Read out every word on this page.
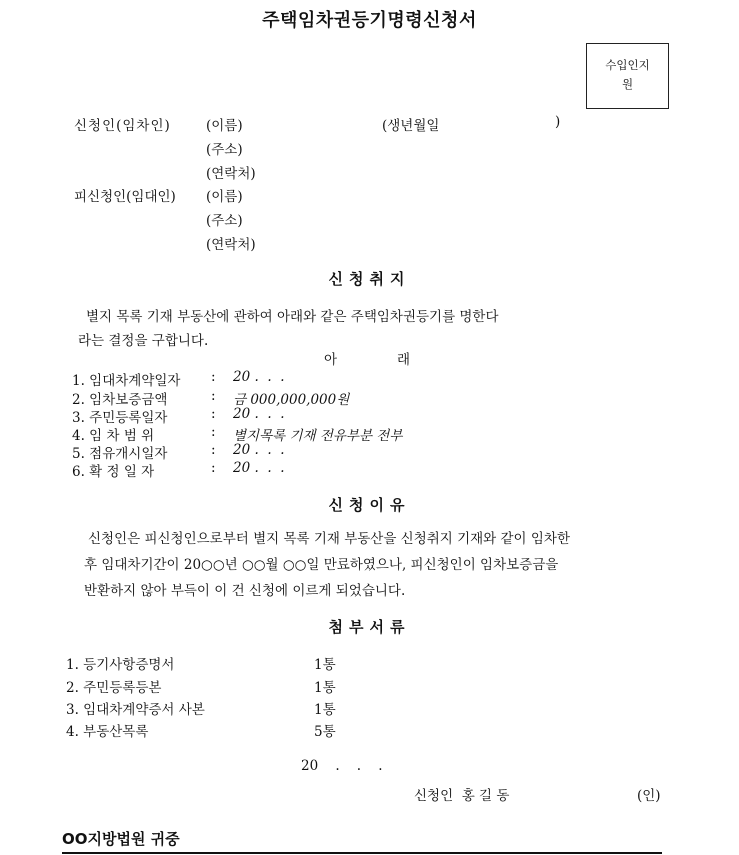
주택임차권등기명령신청서
수입인지원
신청인(임차인)	(이름)	(생년월일	)
(주소)
(연락처)
피신청인(임대인) (이름)
(주소)
(연락처)
신청취지
별지 목록 기재 부동산에 관하여 아래와 같은 주택임차권등기를 명한다
라는 결정을 구합니다.
아	래
1. 임대차계약일자 : 20 .  .  .
2. 임차보증금액	: 금 000,000,000원
3. 주민등록일자	: 20 .  .  .
4. 임 차 범 위	: 별지목록 기재 전유부분 전부
5. 점유개시일자	: 20 .  .  .
6. 확 정 일 자	: 20 .  .  .
신청이유
신청인은 피신청인으로부터 별지 목록 기재 부동산을 신청취지 기재와 같이 임차한
후 임대차기간이 20○○년 ○○월 ○○일 만료하였으나, 피신청인이 임차보증금을
반환하지 않아 부득이 이 건 신청에 이르게 되었습니다.
첨부서류
1. 등기사항증명서	1통
2. 주민등록등본	1통
3. 임대차계약증서 사본	1통
4. 부동산목록	5통
20    .    .    .
신청인  홍 길 동	(인)
OO지방법원 귀중
